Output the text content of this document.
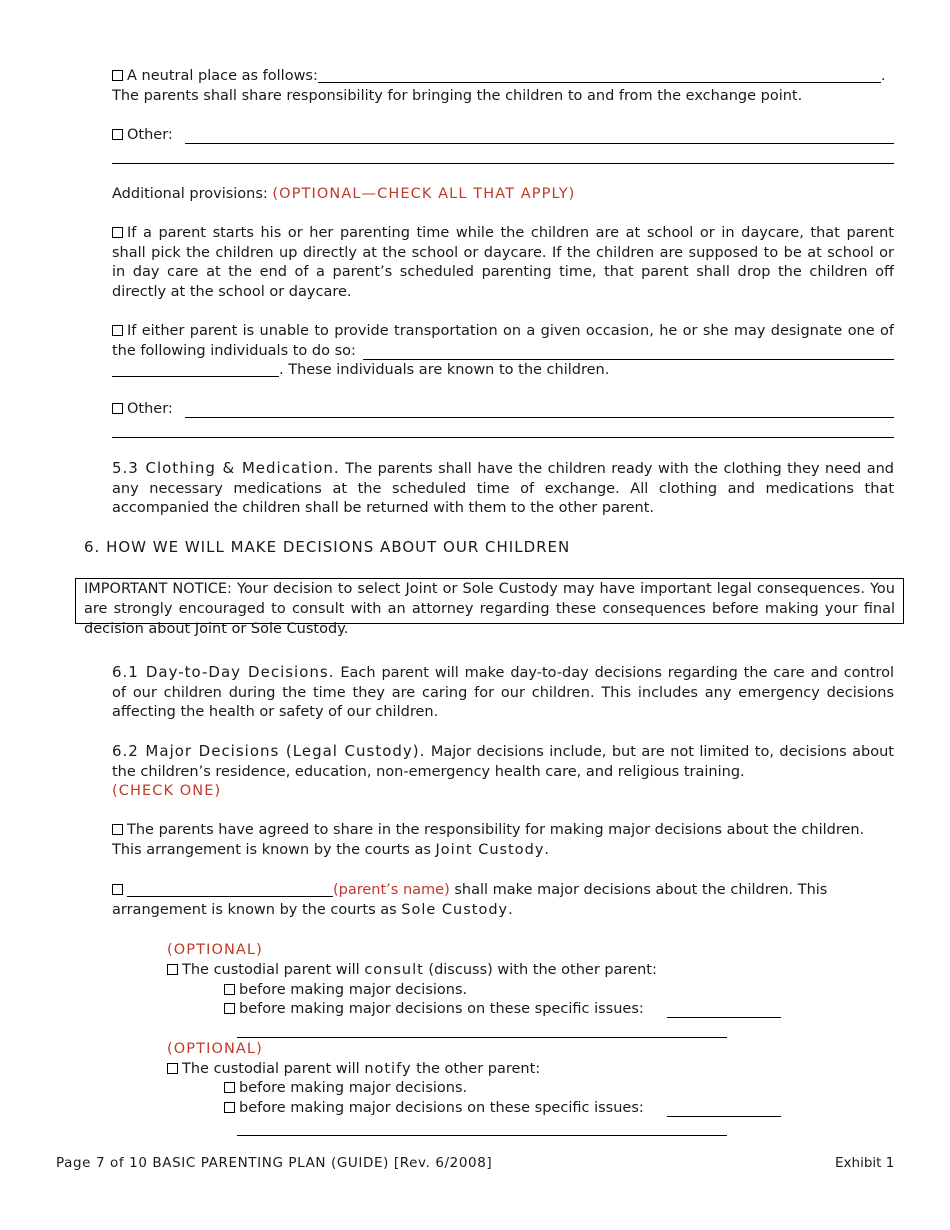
A neutral place as follows:	.
The parents shall share responsibility for bringing the children to and from the exchange point.
Other:
Additional provisions: (OPTIONAL—CHECK ALL THAT APPLY)
If a parent starts his or her parenting time while the children are at school or in daycare, that parent shall pick the children up directly at the school or daycare. If the children are supposed to be at school or in day care at the end of a parent’s scheduled parenting time, that parent shall drop the children off directly at the school or daycare.
If either parent is unable to provide transportation on a given occasion, he or she may designate one of the following individuals to do so:
. These individuals are known to the children.
Other:
5.3 Clothing & Medication. The parents shall have the children ready with the clothing they need and any necessary medications at the scheduled time of exchange. All clothing and medications that accompanied the children shall be returned with them to the other parent.
6. HOW WE WILL MAKE DECISIONS ABOUT OUR CHILDREN
IMPORTANT NOTICE: Your decision to select Joint or Sole Custody may have important legal consequences. You are strongly encouraged to consult with an attorney regarding these consequences before making your final decision about Joint or Sole Custody.
6.1 Day-to-Day Decisions. Each parent will make day-to-day decisions regarding the care and control of our children during the time they are caring for our children. This includes any emergency decisions affecting the health or safety of our children.
6.2 Major Decisions (Legal Custody). Major decisions include, but are not limited to, decisions about the children’s residence, education, non-emergency health care, and religious training.
(CHECK ONE)
The parents have agreed to share in the responsibility for making major decisions about the children. This arrangement is known by the courts as Joint Custody.
(parent’s name) shall make major decisions about the children. This arrangement is known by the courts as Sole Custody.
(OPTIONAL)
The custodial parent will consult (discuss) with the other parent:
before making major decisions.
before making major decisions on these specific issues:
(OPTIONAL)
The custodial parent will notify the other parent:
before making major decisions.
before making major decisions on these specific issues:
Page 7 of 10 BASIC PARENTING PLAN (GUIDE) [Rev. 6/2008]	Exhibit 1
